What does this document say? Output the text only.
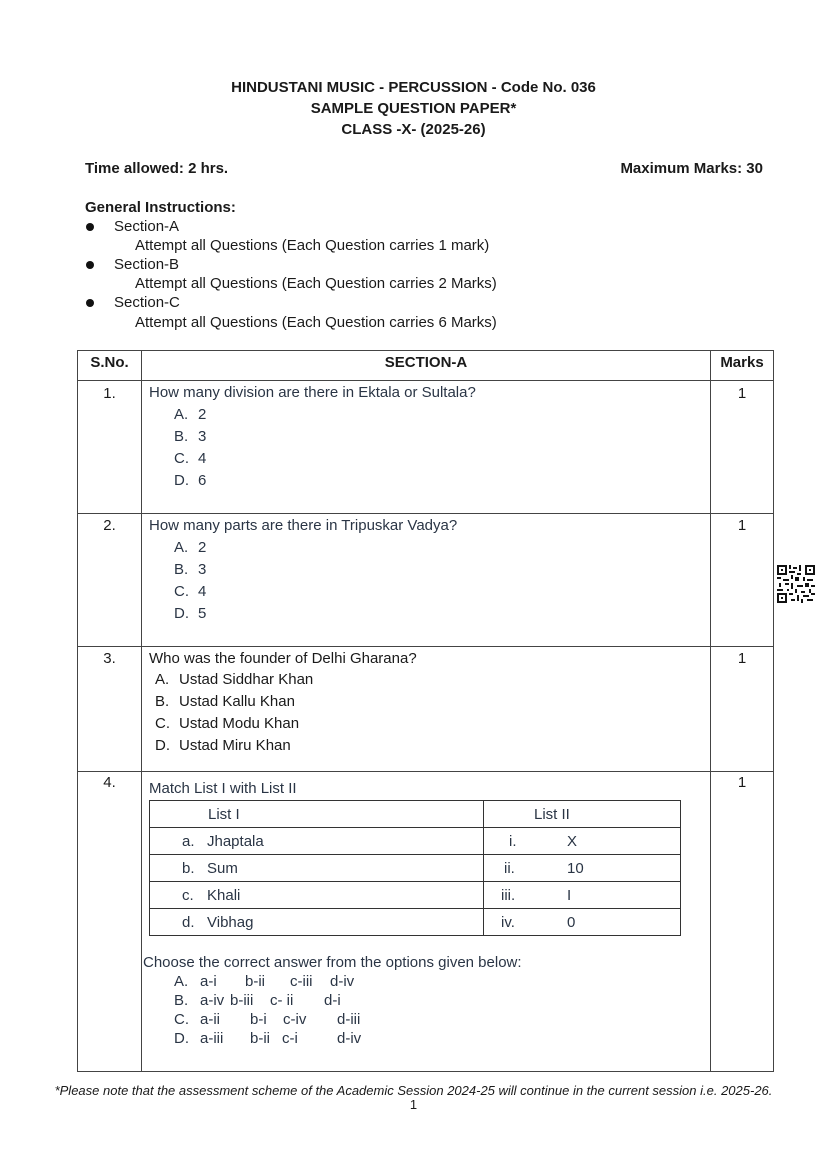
HINDUSTANI MUSIC - PERCUSSION - Code No. 036
SAMPLE QUESTION PAPER*
CLASS -X- (2025-26)
Time allowed: 2 hrs.	Maximum Marks: 30
General Instructions:
Section-A
Attempt all Questions (Each Question carries 1 mark)
Section-B
Attempt all Questions (Each Question carries 2 Marks)
Section-C
Attempt all Questions (Each Question carries 6 Marks)
S.No.	SECTION-A	Marks
1.	How many division are there in Ektala or Sultala?
A. 2
B. 3
C. 4
D. 6
	1
2.	How many parts are there in Tripuskar Vadya?
A. 2
B. 3
C. 4
D. 5
	1
3.	Who was the founder of Delhi Gharana?
A. Ustad Siddhar Khan
B. Ustad Kallu Khan
C. Ustad Modu Khan
D. Ustad Miru Khan
	1
4.	Match List I with List II
List I	List II
a. Jhaptala	i.	X
b. Sum	ii.	10
c. Khali	iii.	I
d. Vibhag	iv.	0
Choose the correct answer from the options given below:
A. a-i b-ii c-iii d-iv
B. a-iv b-iii c- ii d-i
C. a-ii b-i c-iv d-iii
D. a-iii b-ii c-i	d-iv
	1
*Please note that the assessment scheme of the Academic Session 2024-25 will continue in the current session i.e. 2025-26.
1
